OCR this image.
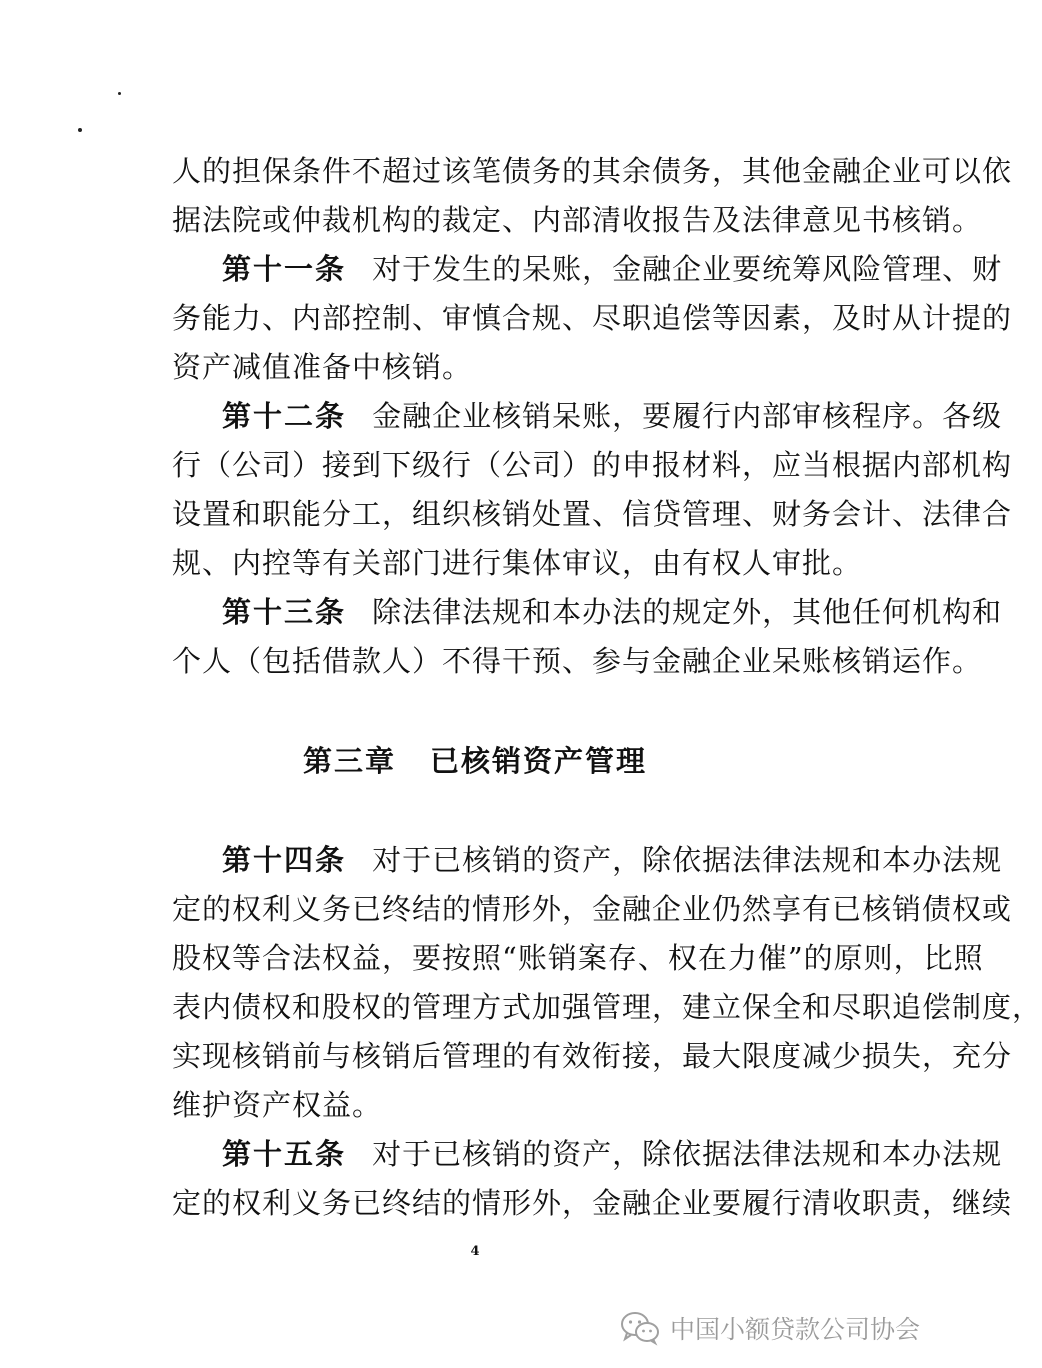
人的担保条件不超过该笔债务的其余债务，其他金融企业可以依
据法院或仲裁机构的裁定、内部清收报告及法律意见书核销。
第十一条 对于发生的呆账，金融企业要统筹风险管理、财
务能力、内部控制、审慎合规、尽职追偿等因素，及时从计提的
资产减值准备中核销。
第十二条 金融企业核销呆账，要履行内部审核程序。各级
行（公司）接到下级行（公司）的申报材料，应当根据内部机构
设置和职能分工，组织核销处置、信贷管理、财务会计、法律合
规、内控等有关部门进行集体审议，由有权人审批。
第十三条 除法律法规和本办法的规定外，其他任何机构和
个人（包括借款人）不得干预、参与金融企业呆账核销运作。
第三章 已核销资产管理
第十四条 对于已核销的资产，除依据法律法规和本办法规
定的权利义务已终结的情形外，金融企业仍然享有已核销债权或
股权等合法权益，要按照“账销案存、权在力催”的原则，比照
表内债权和股权的管理方式加强管理，建立保全和尽职追偿制度，
实现核销前与核销后管理的有效衔接，最大限度减少损失，充分
维护资产权益。
第十五条 对于已核销的资产，除依据法律法规和本办法规
定的权利义务已终结的情形外，金融企业要履行清收职责，继续
4
中国小额贷款公司协会
